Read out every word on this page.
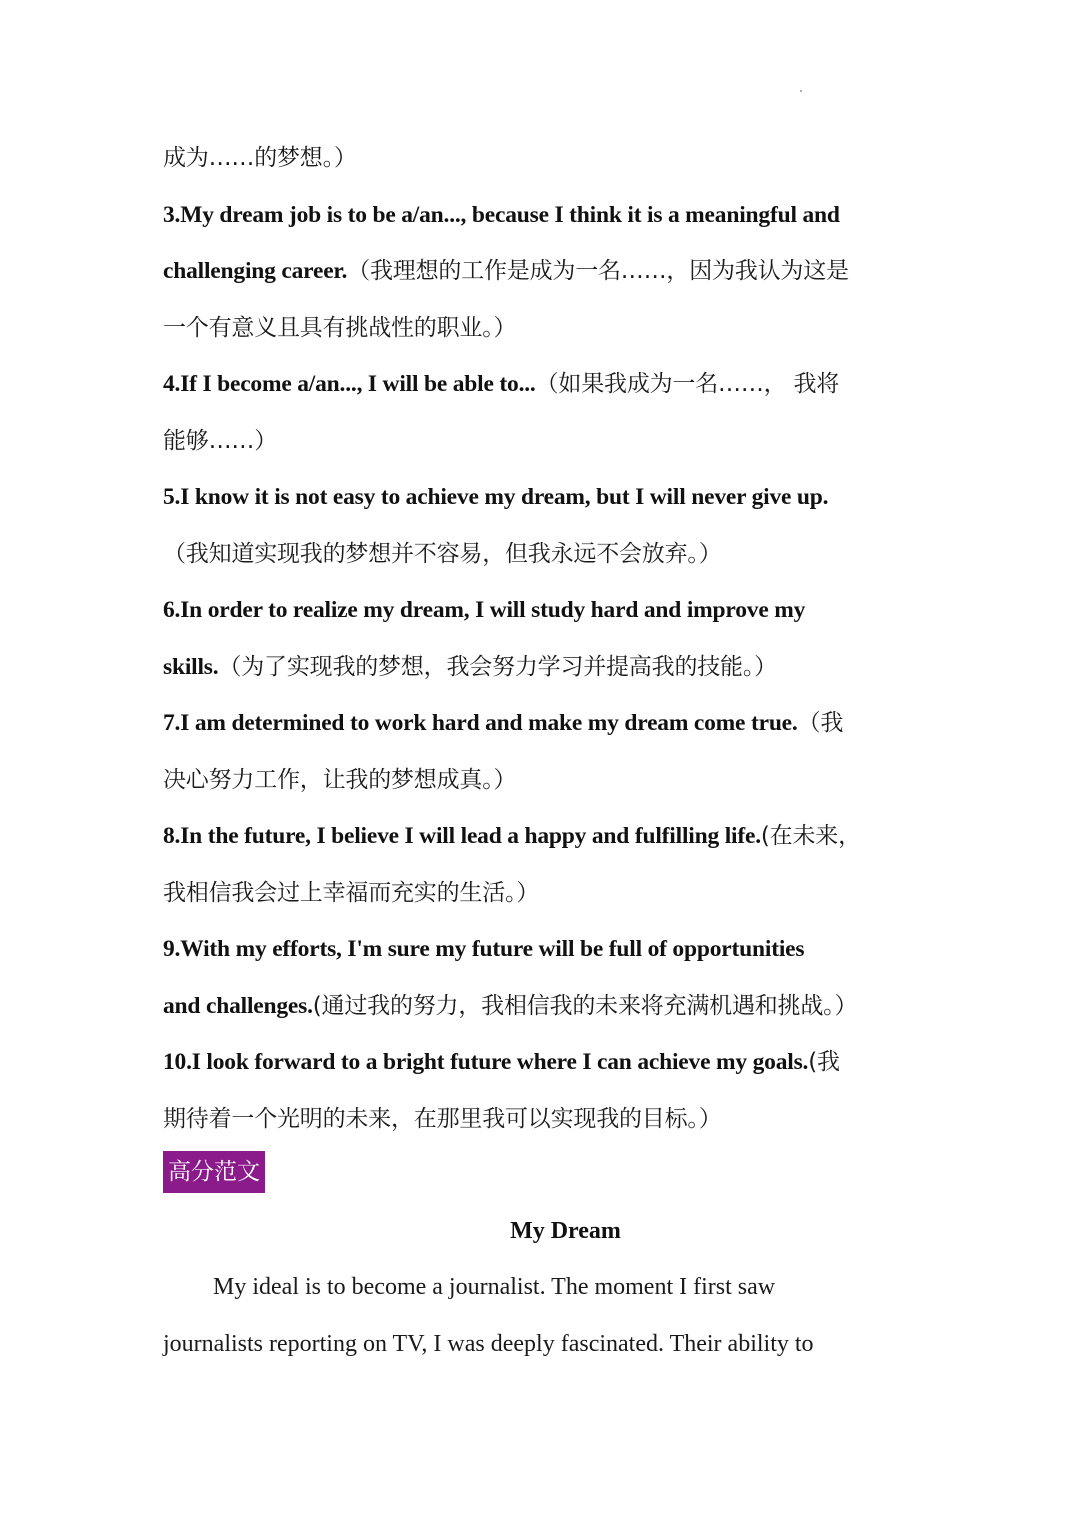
成为……的梦想。）
3.My dream job is to be a/an..., because I think it is a meaningful and
challenging career.（我理想的工作是成为一名……，因为我认为这是
一个有意义且具有挑战性的职业。）
4.If I become a/an..., I will be able to...（如果我成为一名……， 我将
能够……）
5.I know it is not easy to achieve my dream, but I will never give up.
（我知道实现我的梦想并不容易，但我永远不会放弃。）
6.In order to realize my dream, I will study hard and improve my
skills.（为了实现我的梦想，我会努力学习并提高我的技能。）
7.I am determined to work hard and make my dream come true.（我
决心努力工作，让我的梦想成真。）
8.In the future, I believe I will lead a happy and fulfilling life.(在未来，
我相信我会过上幸福而充实的生活。）
9.With my efforts, I'm sure my future will be full of opportunities
and challenges.(通过我的努力，我相信我的未来将充满机遇和挑战。）
10.I look forward to a bright future where I can achieve my goals.(我
期待着一个光明的未来，在那里我可以实现我的目标。）
高分范文
My Dream
My ideal is to become a journalist. The moment I first saw
journalists reporting on TV, I was deeply fascinated. Their ability to
